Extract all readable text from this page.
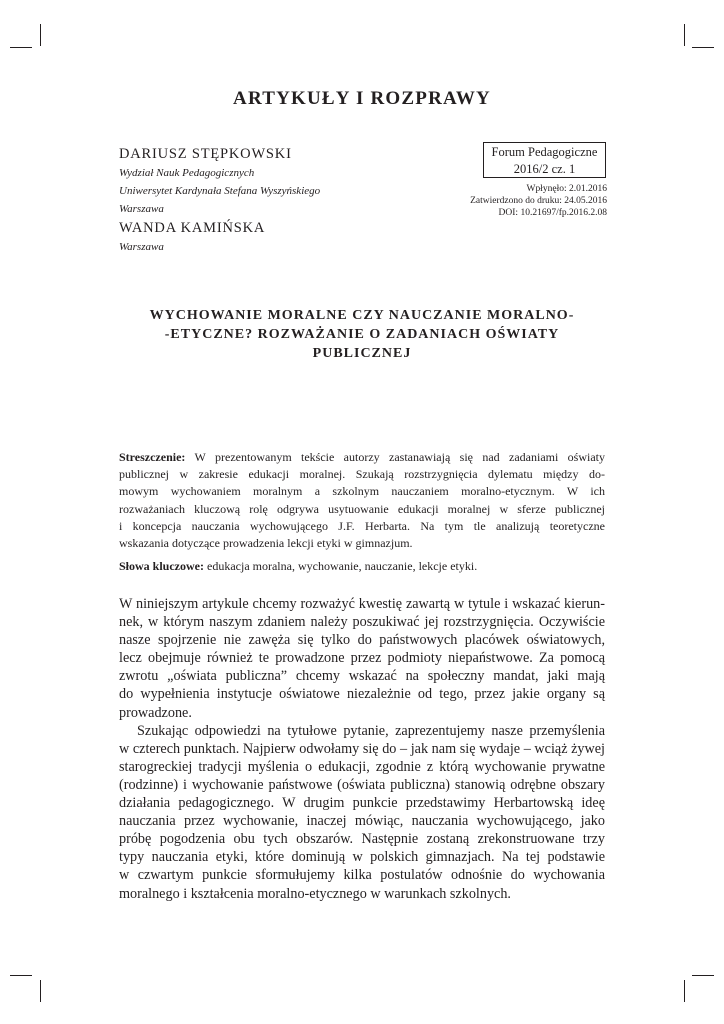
ARTYKUŁY I ROZPRAWY

DARIUSZ STĘPKOWSKI

Wydział Nauk Pedagogicznych

Uniwersytet Kardynała Stefana Wyszyńskiego

Warszawa

WANDA KAMIŃSKA

Warszawa

Forum Pedagogiczne
2016/2 cz. 1
Wpłynęło: 2.01.2016
Zatwierdzono do druku: 24.05.2016
DOI: 10.21697/fp.2016.2.08
WYCHOWANIE MORALNE CZY NAUCZANIE MORALNO-
-ETYCZNE? ROZWAŻANIE O ZADANIACH OŚWIATY
PUBLICZNEJ
Streszczenie: W prezentowanym tekście autorzy zastanawiają się nad zadaniami oświaty
publicznej w zakresie edukacji moralnej. Szukają rozstrzygnięcia dylematu między do-
mowym wychowaniem moralnym a szkolnym nauczaniem moralno-etycznym. W ich
rozważaniach kluczową rolę odgrywa usytuowanie edukacji moralnej w sferze publicznej
i koncepcja nauczania wychowującego J.F. Herbarta. Na tym tle analizują teoretyczne
wskazania dotyczące prowadzenia lekcji etyki w gimnazjum.
Słowa kluczowe: edukacja moralna, wychowanie, nauczanie, lekcje etyki.
W niniejszym artykule chcemy rozważyć kwestię zawartą w tytule i wskazać kierun-
nek, w którym naszym zdaniem należy poszukiwać jej rozstrzygnięcia. Oczywiście
nasze spojrzenie nie zawęża się tylko do państwowych placówek oświatowych,
lecz obejmuje również te prowadzone przez podmioty niepaństwowe. Za pomocą
zwrotu „oświata publiczna” chcemy wskazać na społeczny mandat, jaki mają
do wypełnienia instytucje oświatowe niezależnie od tego, przez jakie organy są
prowadzone.
Szukając odpowiedzi na tytułowe pytanie, zaprezentujemy nasze przemyślenia
w czterech punktach. Najpierw odwołamy się do – jak nam się wydaje – wciąż żywej
starogreckiej tradycji myślenia o edukacji, zgodnie z którą wychowanie prywatne
(rodzinne) i wychowanie państwowe (oświata publiczna) stanowią odrębne obszary
działania pedagogicznego. W drugim punkcie przedstawimy Herbartowską ideę
nauczania przez wychowanie, inaczej mówiąc, nauczania wychowującego, jako
próbę pogodzenia obu tych obszarów. Następnie zostaną zrekonstruowane trzy
typy nauczania etyki, które dominują w polskich gimnazjach. Na tej podstawie
w czwartym punkcie sformułujemy kilka postulatów odnośnie do wychowania
moralnego i kształcenia moralno-etycznego w warunkach szkolnych.
